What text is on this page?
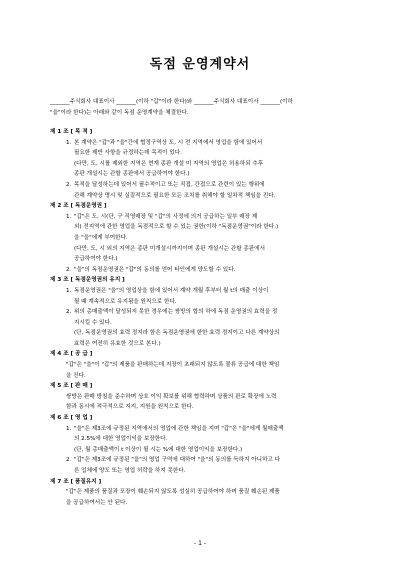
독점 운영계약서
_______주식회사 대표이사 _______(이하 "갑"이라 한다)와 _______주식회사 대표이사 _______(이하
"을"이라 한다)는 아래와 같이 독점 운영계약을 체결한다.
제 1 조 [ 목 적 ]
1. 본 계약은 "갑"과 "을"간에 협정구역상 도, 시 전 지역에서 영업을 함에 있어서
필요한 제반 사항을 규정하는데 목적이 있다.
(다만, 도, 시를 제외한 지역은 현재 종판 개설 미 지역의 영업은 허용하되 추후
종판 개설시는 관할 종판에서 공급하여야 한다.)
2. 목적을 달성하는데 있어서 필수적이고 또는 직접, 간접으로 관련이 있는 행위에
관해 계약상 명시 및 실질적으로 필요한 모든 조치를 취해야 할 일차적 책임을 진다.
제 2 조 [ 독점운영권 ]
1. "갑"은 도, 시(단, 구 직영매장 및 "갑"의 사정에 의거 공급하는 일부 매장 제
외) 전지역에 관한 영업을 독점적으로 할 수 있는 권한(이하 "독점운영권"이라 한다.)
을 "을"에게 부여한다.
(다만, 도, 시 외의 지역은 종판 미개설시까지이며 종판 개설시는 관할 종판에서
공급하여야 한다.)
2. "을"의 독점운영권은 "갑"의 동의를 얻어 타인에게 양도할 수 있다.
제 3 조 [ 독점운영권의 유지 ]
1. 독점운영권은 "을"의 영업상을 함에 있어서 계약 개월 후부터 월 t의 매출 이상이
될 때 계속적으로 유지됨을 원칙으로 한다.
2. 위의 총매출액이 달성되지 못한 경우에는 쌍방의 합의 하에 독점 운영권의 효력을 정
지시킬 수 있다.
(단, 독점운영권의 효력 정지라 함은 독점운영권에 한한 효력 정지이고 다른 계약상의
효력은 여전히 유효한 것으로 본다.)
제 4 조 [ 공 급 ]
"갑"은 "을"이 "갑"의 제품을 판매하는데 지장이 초래되지 않도록 물류 공급에 대한 책임
을 진다.
제 5 조 [ 판 매 ]
쌍방은 판매 방침을 준수하며 상호 이익 확보를 위해 협력하며 상품의 판로 확장에 노력
함과 동시에 적극적으로 지지, 지원을 원칙으로 한다.
제 6 조 [ 영 업 ]
1. "을"은 제3조에 규정된 지역에서의 영업에 관한 책임을 지며 "갑"은 "을"에게 월매출액
의 2.5%에 대한 영업이익을 보장한다.
(단, 월 총매출액이 t 이상이 될 시는 %에 대한 영업이익을 보장한다.)
2. "갑"은 제3조에 규정된 "을"의 영업 구역에 대하여 "을"의 동의를 득하지 아니하고 다
른 업체에 양도 또는 영업 허락을 하지 못한다.
제 7 조 [ 품질유지 ]
"갑"은 제품의 품질과 포장이 훼손되지 않도록 성실히 공급하여야 하며 품질 훼손된 제품
을 공급하여서는 안 된다.
- 1 -
